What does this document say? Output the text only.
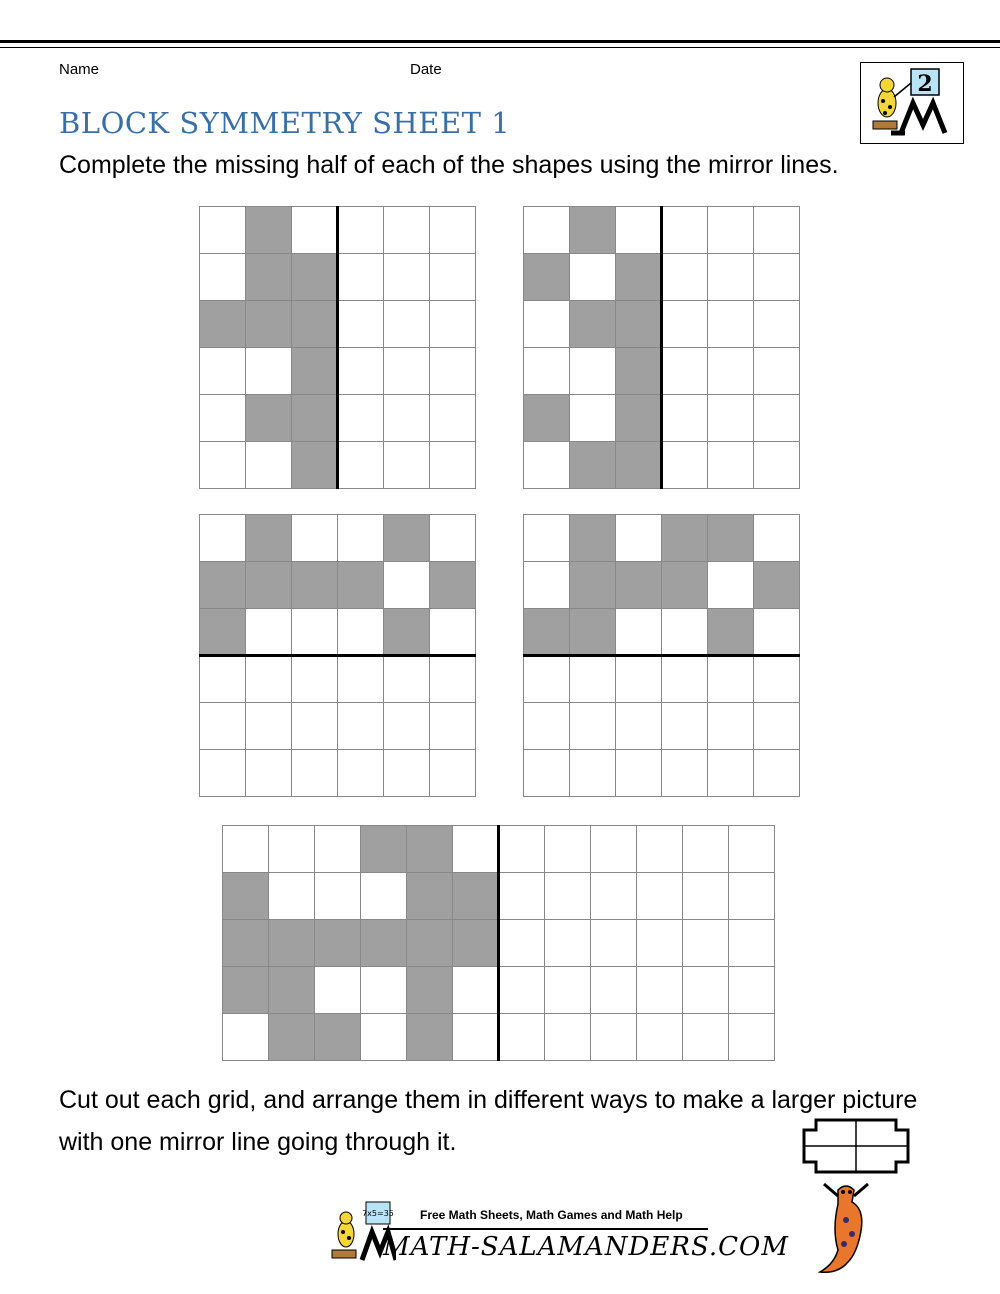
Name	Date
2
BLOCK SYMMETRY SHEET 1
Complete the missing half of each of the shapes using the mirror lines.
Cut out each grid, and arrange them in different ways to make a larger picture with one mirror line going through it.
7x5=35 Free Math Sheets, Math Games and Math Help
MATH-SALAMANDERS.COM
